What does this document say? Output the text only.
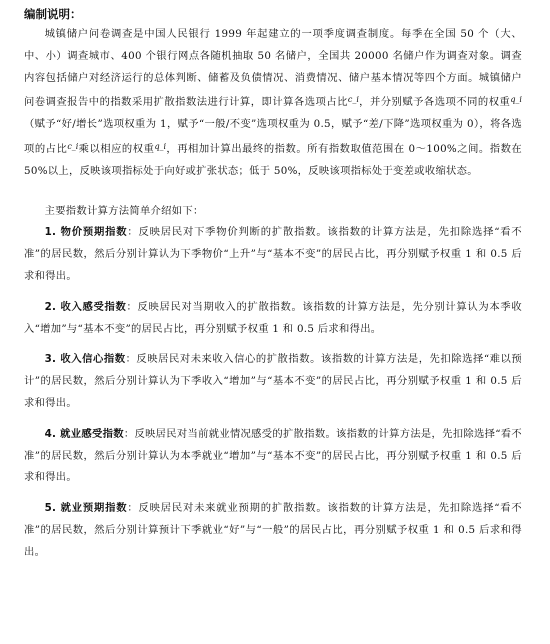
编制说明：

城镇储户问卷调查是中国人民银行 1999 年起建立的一项季度调查制度。每季在全国 50 个（大、中、小）调查城市、400 个银行网点各随机抽取 50 名储户，全国共 20000 名储户作为调查对象。调查内容包括储户对经济运行的总体判断、储蓄及负债情况、消费情况、储户基本情况等四个方面。城镇储户问卷调查报告中的指数采用扩散指数法进行计算，即计算各选项占比$^{c\_i}$，并分别赋予各选项不同的权重$^{q\_i}$（赋予“好/增长”选项权重为 1，赋予“一般/不变”选项权重为 0.5，赋予“差/下降”选项权重为 0），将各选项的占比$^{c\_i}$乘以相应的权重$^{q\_i}$，再相加计算出最终的指数。所有指数取值范围在 0～100%之间。指数在 50%以上，反映该项指标处于向好或扩张状态；低于 50%，反映该项指标处于变差或收缩状态。

主要指数计算方法简单介绍如下：

1. 物价预期指数：反映居民对下季物价判断的扩散指数。该指数的计算方法是，先扣除选择“看不准”的居民数，然后分别计算认为下季物价“上升”与“基本不变”的居民占比，再分别赋予权重 1 和 0.5 后求和得出。

2. 收入感受指数：反映居民对当期收入的扩散指数。该指数的计算方法是，先分别计算认为本季收入“增加”与“基本不变”的居民占比，再分别赋予权重 1 和 0.5 后求和得出。

3. 收入信心指数：反映居民对未来收入信心的扩散指数。该指数的计算方法是，先扣除选择“难以预计”的居民数，然后分别计算认为下季收入“增加”与“基本不变”的居民占比，再分别赋予权重 1 和 0.5 后求和得出。

4. 就业感受指数：反映居民对当前就业情况感受的扩散指数。该指数的计算方法是，先扣除选择“看不准”的居民数，然后分别计算认为本季就业“增加”与“基本不变”的居民占比，再分别赋予权重 1 和 0.5 后求和得出。

5. 就业预期指数：反映居民对未来就业预期的扩散指数。该指数的计算方法是，先扣除选择“看不准”的居民数，然后分别计算预计下季就业“好”与“一般”的居民占比，再分别赋予权重 1 和 0.5 后求和得出。
